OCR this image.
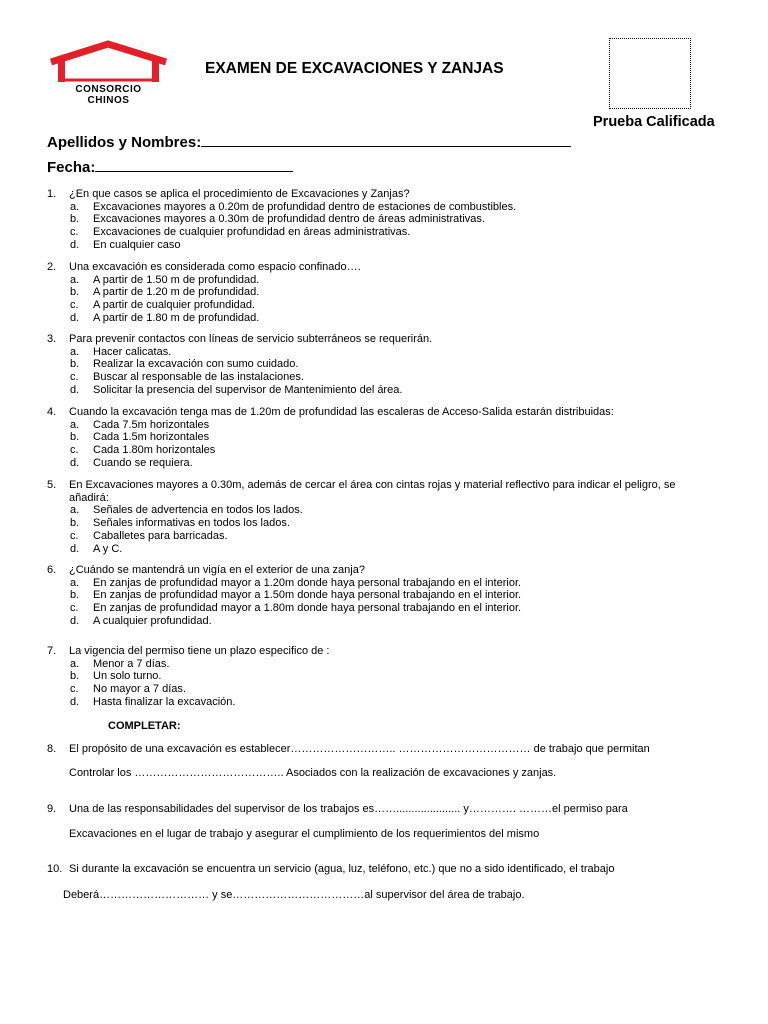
CONSORCIO
CHINOS
EXAMEN DE EXCAVACIONES Y ZANJAS
Prueba Calificada
Apellidos y Nombres:
Fecha:
1. ¿En que casos se aplica el procedimiento de Excavaciones y Zanjas?
a. Excavaciones mayores a 0.20m de profundidad dentro de estaciones de combustibles.
b. Excavaciones mayores a 0.30m de profundidad dentro de áreas administrativas.
c. Excavaciones de cualquier profundidad en áreas administrativas.
d. En cualquier caso
2. Una excavación es considerada como espacio confinado….
a. A partir de 1.50 m de profundidad.
b. A partir de 1.20 m de profundidad.
c. A partir de cualquier profundidad.
d. A partir de 1.80 m de profundidad.
3. Para prevenir contactos con líneas de servicio subterráneos se requerirán.
a. Hacer calicatas.
b. Realizar la excavación con sumo cuidado.
c. Buscar al responsable de las instalaciones.
d. Solicitar la presencia del supervisor de Mantenimiento del área.
4. Cuando la excavación tenga mas de 1.20m de profundidad las escaleras de Acceso-Salida estarán distribuidas:
a. Cada 7.5m horizontales
b. Cada 1.5m horizontales
c. Cada 1.80m horizontales
d. Cuando se requiera.
5. En Excavaciones mayores a 0.30m, además de cercar el área con cintas rojas y material reflectivo para indicar el peligro, se añadirá:
a. Señales de advertencia en todos los lados.
b. Señales informativas en todos los lados.
c. Caballetes para barricadas.
d. A y C.
6. ¿Cuándo se mantendrá un vigía en el exterior de una zanja?
a. En zanjas de profundidad mayor a 1.20m donde haya personal trabajando en el interior.
b. En zanjas de profundidad mayor a 1.50m donde haya personal trabajando en el interior.
c. En zanjas de profundidad mayor a 1.80m donde haya personal trabajando en el interior.
d. A cualquier profundidad.
7. La vigencia del permiso tiene un plazo especifico de :
a. Menor a 7 días.
b. Un solo turno.
c. No mayor a 7 días.
d. Hasta finalizar la excavación.
COMPLETAR:
8. El propósito de una excavación es establecer……………………….. ……………………………… de trabajo que permitan
Controlar los ………………………………….. Asociados con la realización de excavaciones y zanjas.
9. Una de las responsabilidades del supervisor de los trabajos es……..................... y…………. ………el permiso para
Excavaciones en el lugar de trabajo y asegurar el cumplimiento de los requerimientos del mismo
10. Si durante la excavación se encuentra un servicio (agua, luz, teléfono, etc.) que no a sido identificado, el trabajo
Deberá………………………… y se………………………………al supervisor del área de trabajo.
